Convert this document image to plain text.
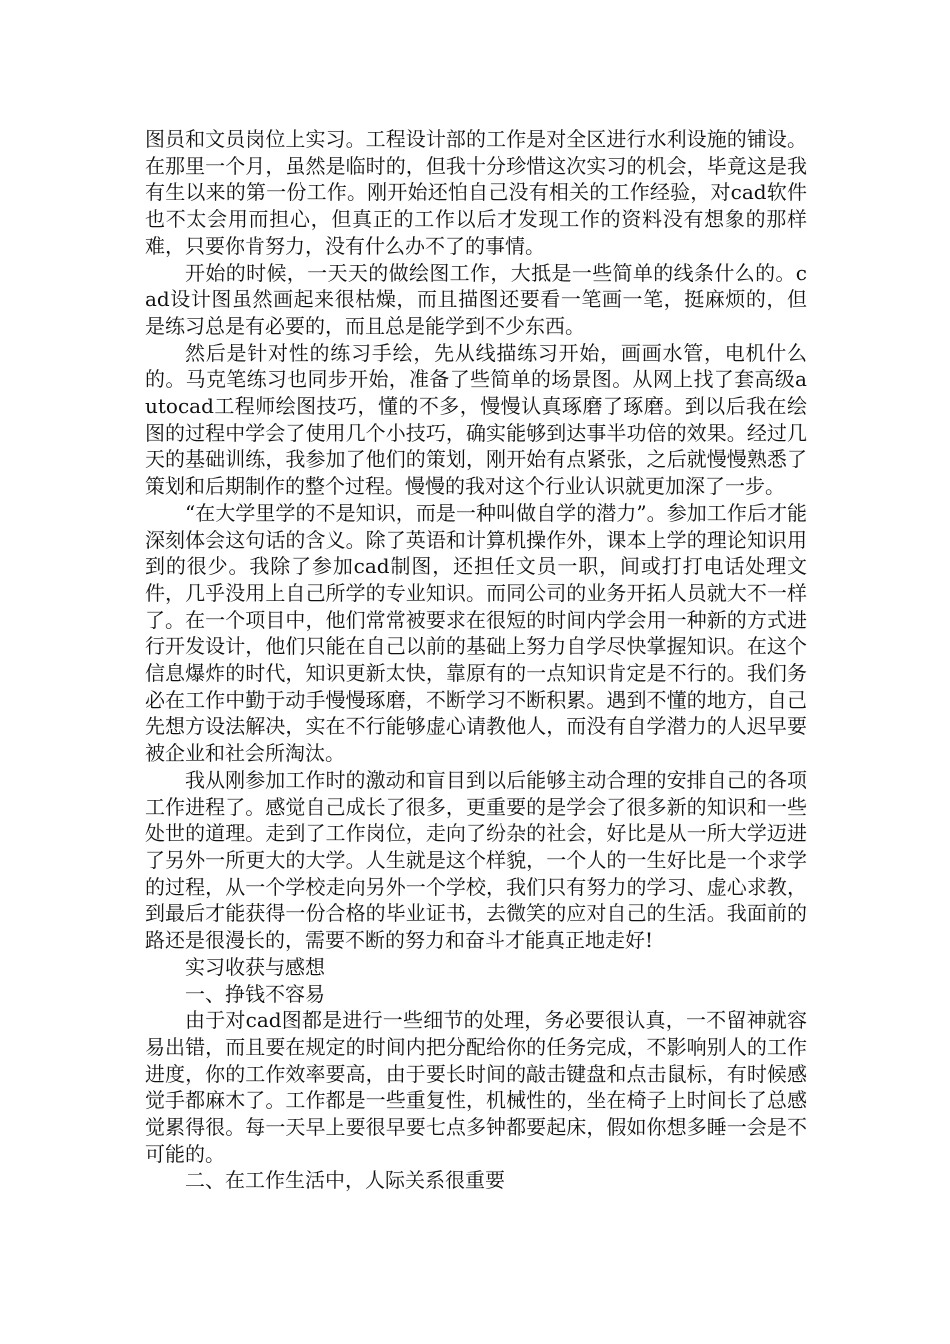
图员和文员岗位上实习。工程设计部的工作是对全区进行水利设施的铺设。在那里一个月，虽然是临时的，但我十分珍惜这次实习的机会，毕竟这是我有生以来的第一份工作。刚开始还怕自己没有相关的工作经验，对cad软件也不太会用而担心，但真正的工作以后才发现工作的资料没有想象的那样难，只要你肯努力，没有什么办不了的事情。

开始的时候，一天天的做绘图工作，大抵是一些简单的线条什么的。cad设计图虽然画起来很枯燥，而且描图还要看一笔画一笔，挺麻烦的，但是练习总是有必要的，而且总是能学到不少东西。

然后是针对性的练习手绘，先从线描练习开始，画画水管，电机什么的。马克笔练习也同步开始，准备了些简单的场景图。从网上找了套高级autocad工程师绘图技巧，懂的不多，慢慢认真琢磨了琢磨。到以后我在绘图的过程中学会了使用几个小技巧，确实能够到达事半功倍的效果。经过几天的基础训练，我参加了他们的策划，刚开始有点紧张，之后就慢慢熟悉了策划和后期制作的整个过程。慢慢的我对这个行业认识就更加深了一步。

“在大学里学的不是知识，而是一种叫做自学的潜力”。参加工作后才能深刻体会这句话的含义。除了英语和计算机操作外，课本上学的理论知识用到的很少。我除了参加cad制图，还担任文员一职，间或打打电话处理文件，几乎没用上自己所学的专业知识。而同公司的业务开拓人员就大不一样了。在一个项目中，他们常常被要求在很短的时间内学会用一种新的方式进行开发设计，他们只能在自己以前的基础上努力自学尽快掌握知识。在这个信息爆炸的时代，知识更新太快，靠原有的一点知识肯定是不行的。我们务必在工作中勤于动手慢慢琢磨，不断学习不断积累。遇到不懂的地方，自己先想方设法解决，实在不行能够虚心请教他人，而没有自学潜力的人迟早要被企业和社会所淘汰。

我从刚参加工作时的激动和盲目到以后能够主动合理的安排自己的各项工作进程了。感觉自己成长了很多，更重要的是学会了很多新的知识和一些处世的道理。走到了工作岗位，走向了纷杂的社会，好比是从一所大学迈进了另外一所更大的大学。人生就是这个样貌，一个人的一生好比是一个求学的过程，从一个学校走向另外一个学校，我们只有努力的学习、虚心求教，到最后才能获得一份合格的毕业证书，去微笑的应对自己的生活。我面前的路还是很漫长的，需要不断的努力和奋斗才能真正地走好!

实习收获与感想

一、挣钱不容易

由于对cad图都是进行一些细节的处理，务必要很认真，一不留神就容易出错，而且要在规定的时间内把分配给你的任务完成，不影响别人的工作进度，你的工作效率要高，由于要长时间的敲击键盘和点击鼠标，有时候感觉手都麻木了。工作都是一些重复性，机械性的，坐在椅子上时间长了总感觉累得很。每一天早上要很早要七点多钟都要起床，假如你想多睡一会是不可能的。

二、在工作生活中，人际关系很重要
